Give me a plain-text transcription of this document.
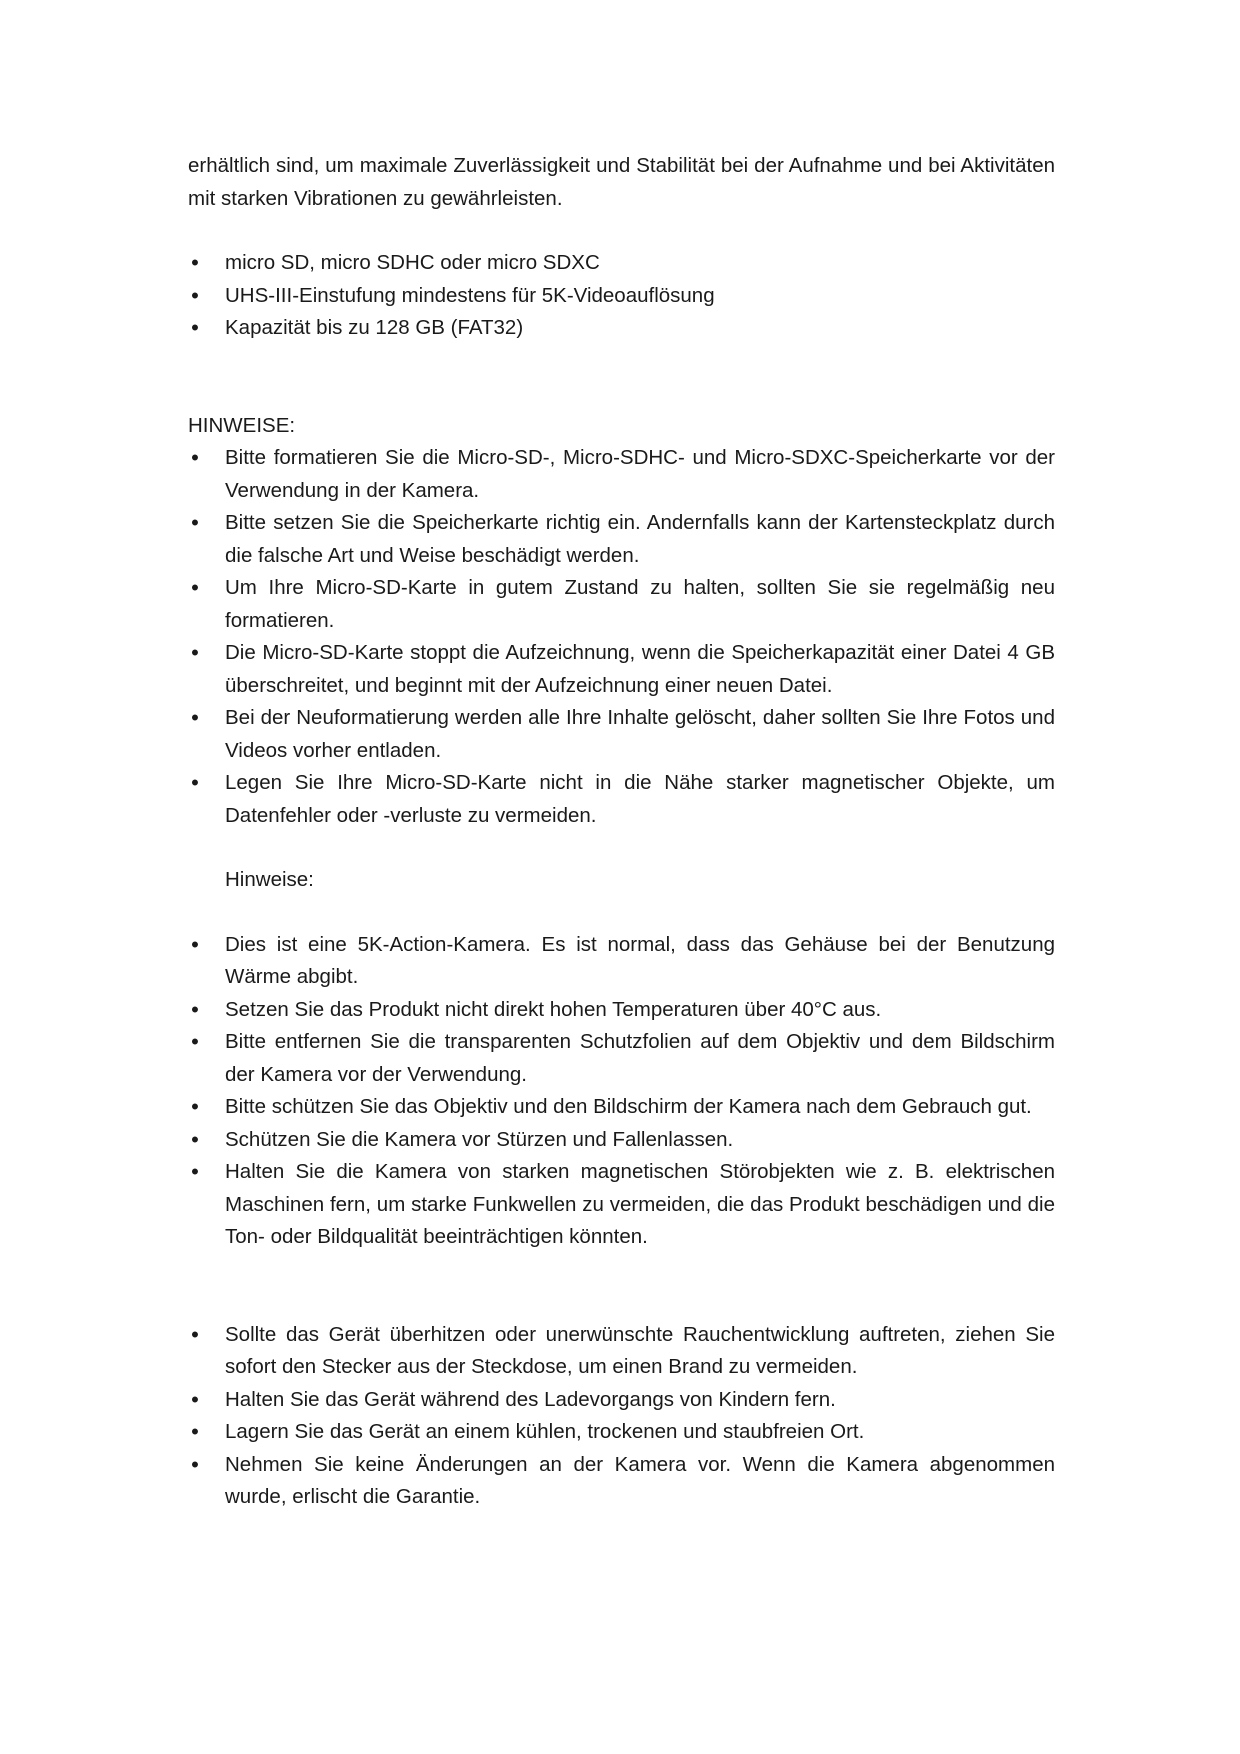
erhältlich sind, um maximale Zuverlässigkeit und Stabilität bei der Aufnahme und bei Aktivitäten mit starken Vibrationen zu gewährleisten.

• micro SD, micro SDHC oder micro SDXC
• UHS-III-Einstufung mindestens für 5K-Videoauflösung
• Kapazität bis zu 128 GB (FAT32)

HINWEISE:

• Bitte formatieren Sie die Micro-SD-, Micro-SDHC- und Micro-SDXC-Speicherkarte vor der Verwendung in der Kamera.
• Bitte setzen Sie die Speicherkarte richtig ein. Andernfalls kann der Kartensteckplatz durch die falsche Art und Weise beschädigt werden.
• Um Ihre Micro-SD-Karte in gutem Zustand zu halten, sollten Sie sie regelmäßig neu formatieren.
• Die Micro-SD-Karte stoppt die Aufzeichnung, wenn die Speicherkapazität einer Datei 4 GB überschreitet, und beginnt mit der Aufzeichnung einer neuen Datei.
• Bei der Neuformatierung werden alle Ihre Inhalte gelöscht, daher sollten Sie Ihre Fotos und Videos vorher entladen.
• Legen Sie Ihre Micro-SD-Karte nicht in die Nähe starker magnetischer Objekte, um Datenfehler oder -verluste zu vermeiden.

Hinweise:

• Dies ist eine 5K-Action-Kamera. Es ist normal, dass das Gehäuse bei der Benutzung Wärme abgibt.
• Setzen Sie das Produkt nicht direkt hohen Temperaturen über 40°C aus.
• Bitte entfernen Sie die transparenten Schutzfolien auf dem Objektiv und dem Bildschirm der Kamera vor der Verwendung.
• Bitte schützen Sie das Objektiv und den Bildschirm der Kamera nach dem Gebrauch gut.
• Schützen Sie die Kamera vor Stürzen und Fallenlassen.
• Halten Sie die Kamera von starken magnetischen Störobjekten wie z. B. elektrischen Maschinen fern, um starke Funkwellen zu vermeiden, die das Produkt beschädigen und die Ton- oder Bildqualität beeinträchtigen könnten.
• Sollte das Gerät überhitzen oder unerwünschte Rauchentwicklung auftreten, ziehen Sie sofort den Stecker aus der Steckdose, um einen Brand zu vermeiden.
• Halten Sie das Gerät während des Ladevorgangs von Kindern fern.
• Lagern Sie das Gerät an einem kühlen, trockenen und staubfreien Ort.
• Nehmen Sie keine Änderungen an der Kamera vor. Wenn die Kamera abgenommen wurde, erlischt die Garantie.
